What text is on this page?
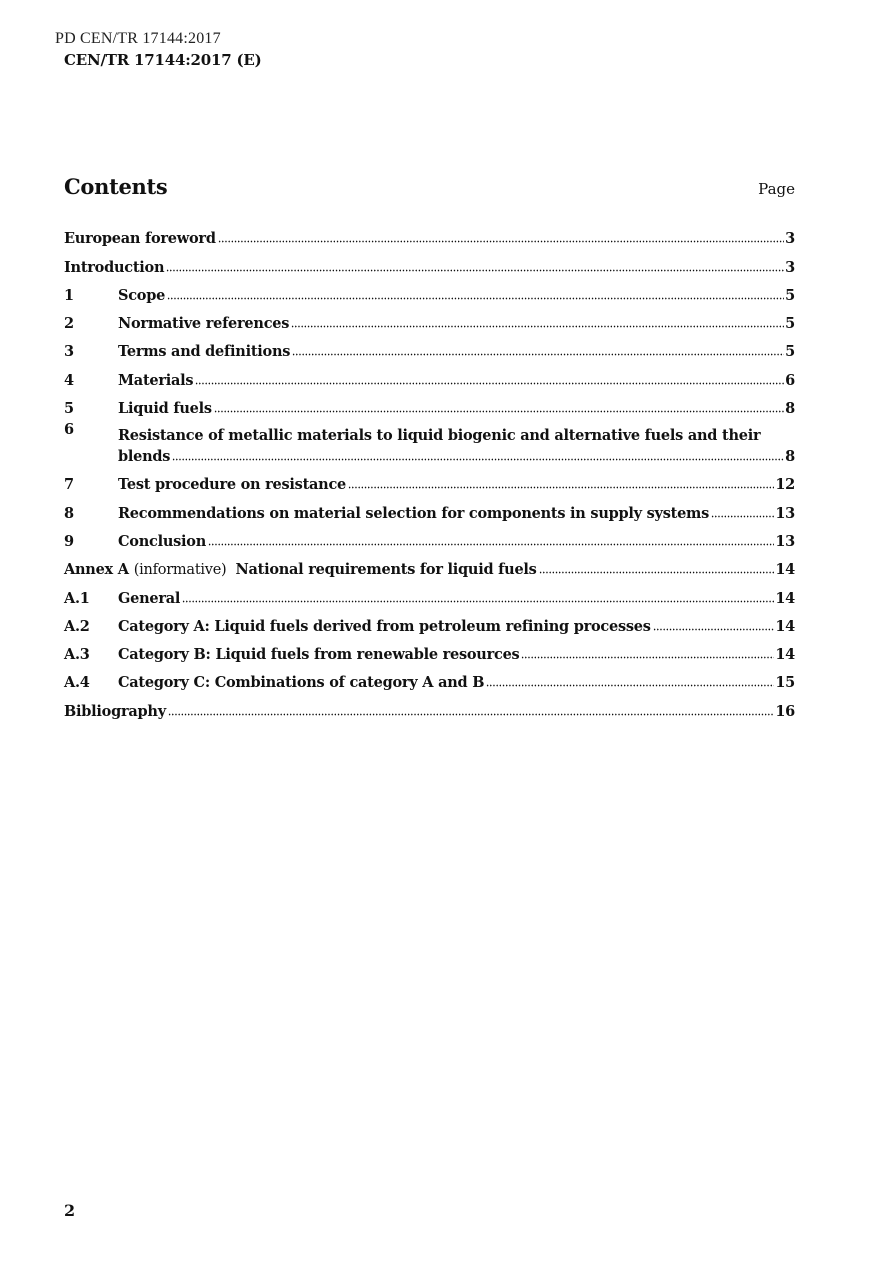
PD CEN/TR 17144:2017
CEN/TR 17144:2017 (E)
Contents	Page
European foreword	3
Introduction	3
1	Scope	5
2	Normative references	5
3	Terms and definitions	5
4	Materials	6
5	Liquid fuels	8
6	Resistance of metallic materials to liquid biogenic and alternative fuels and their
blends	8
7	Test procedure on resistance	12
8	Recommendations on material selection for components in supply systems	13
9	Conclusion	13
Annex A (informative) National requirements for liquid fuels	14
A.1	General	14
A.2	Category A: Liquid fuels derived from petroleum refining processes	14
A.3	Category B: Liquid fuels from renewable resources	14
A.4	Category C: Combinations of category A and B	15
Bibliography	16
2
